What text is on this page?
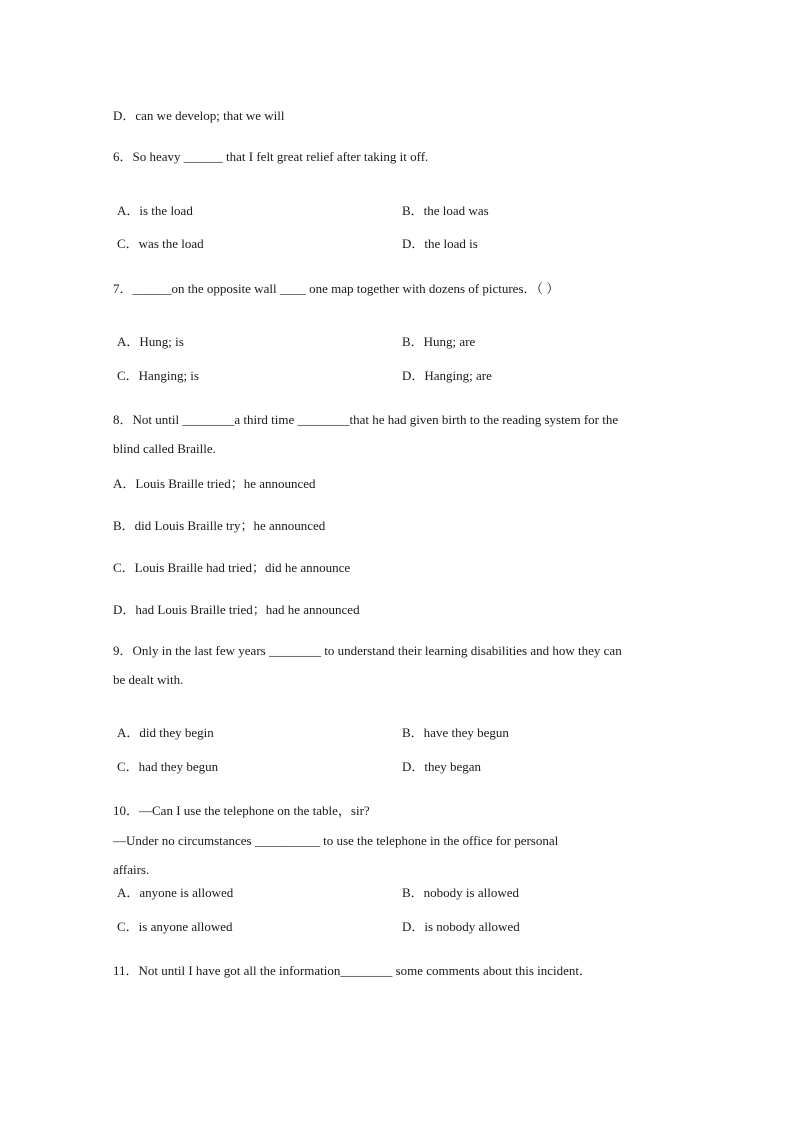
D．can we develop; that we will
6．So heavy ______ that I felt great relief after taking it off.
A．is the load	B．the load was
C．was the load	D．the load is
7．______on the opposite wall ____ one map together with dozens of pictures．（ ）
A．Hung; is	B．Hung; are
C．Hanging; is	D．Hanging; are
8．Not until ________a third time ________that he had given birth to the reading system for the
blind called Braille.
A．Louis Braille tried；he announced
B．did Louis Braille try；he announced
C．Louis Braille had tried；did he announce
D．had Louis Braille tried；had he announced
9．Only in the last few years ________ to understand their learning disabilities and how they can
be dealt with.
A．did they begin	B．have they begun
C．had they begun	D．they began
10．—Can I use the telephone on the table，sir?
—Under no circumstances __________ to use the telephone in the office for personal
affairs.
A．anyone is allowed	B．nobody is allowed
C．is anyone allowed	D．is nobody allowed
11．Not until I have got all the information________ some comments about this incident．
